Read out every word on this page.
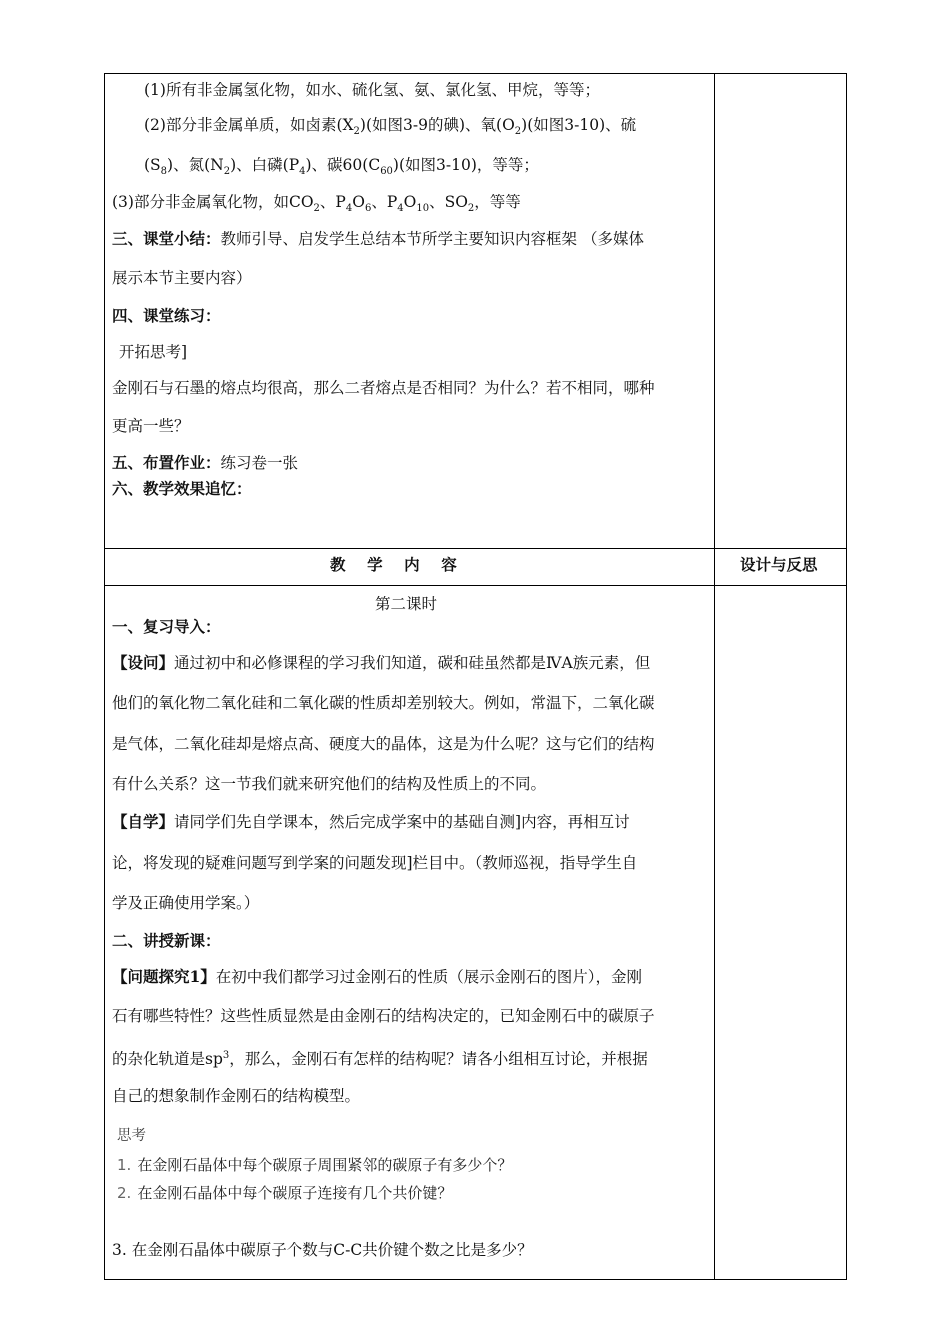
(1)所有非金属氢化物，如水、硫化氢、氨、氯化氢、甲烷，等等；
(2)部分非金属单质，如卤素$(X_2)$(如图3-9的碘)、氧$(O_2)$(如图3-10)、硫
$(S_8)$、氮$(N_2)$、白磷$(P_4)$、碳$60(C_{60})$(如图3-10)，等等；
(3)部分非金属氧化物，如$CO_2$、$P_4O_6$、$P_4O_{10}$、$SO_2$，等等
三、课堂小结：教师引导、启发学生总结本节所学主要知识内容框架 （多媒体
展示本节主要内容）
四、课堂练习：
开拓思考]
金刚石与石墨的熔点均很高，那么二者熔点是否相同？为什么？若不相同，哪种
更高一些？
五、布置作业：练习卷一张
六、教学效果追忆：
教    学    内    容	设计与反思
第二课时
一、复习导入：
【设问】通过初中和必修课程的学习我们知道，碳和硅虽然都是ⅣA族元素，但
他们的氧化物二氧化硅和二氧化碳的性质却差别较大。例如，常温下，二氧化碳
是气体，二氧化硅却是熔点高、硬度大的晶体，这是为什么呢？这与它们的结构
有什么关系？这一节我们就来研究他们的结构及性质上的不同。
【自学】请同学们先自学课本，然后完成学案中的基础自测]内容，再相互讨
论，将发现的疑难问题写到学案的问题发现]栏目中。（教师巡视，指导学生自
学及正确使用学案。）
二、讲授新课：
【问题探究1】在初中我们都学习过金刚石的性质（展示金刚石的图片），金刚
石有哪些特性？这些性质显然是由金刚石的结构决定的，已知金刚石中的碳原子
的杂化轨道是$sp^3$，那么，金刚石有怎样的结构呢？请各小组相互讨论，并根据
自己的想象制作金刚石的结构模型。
思考
1. 在金刚石晶体中每个碳原子周围紧邻的碳原子有多少个？
2. 在金刚石晶体中每个碳原子连接有几个共价键？
3. 在金刚石晶体中碳原子个数与C-C共价键个数之比是多少？
